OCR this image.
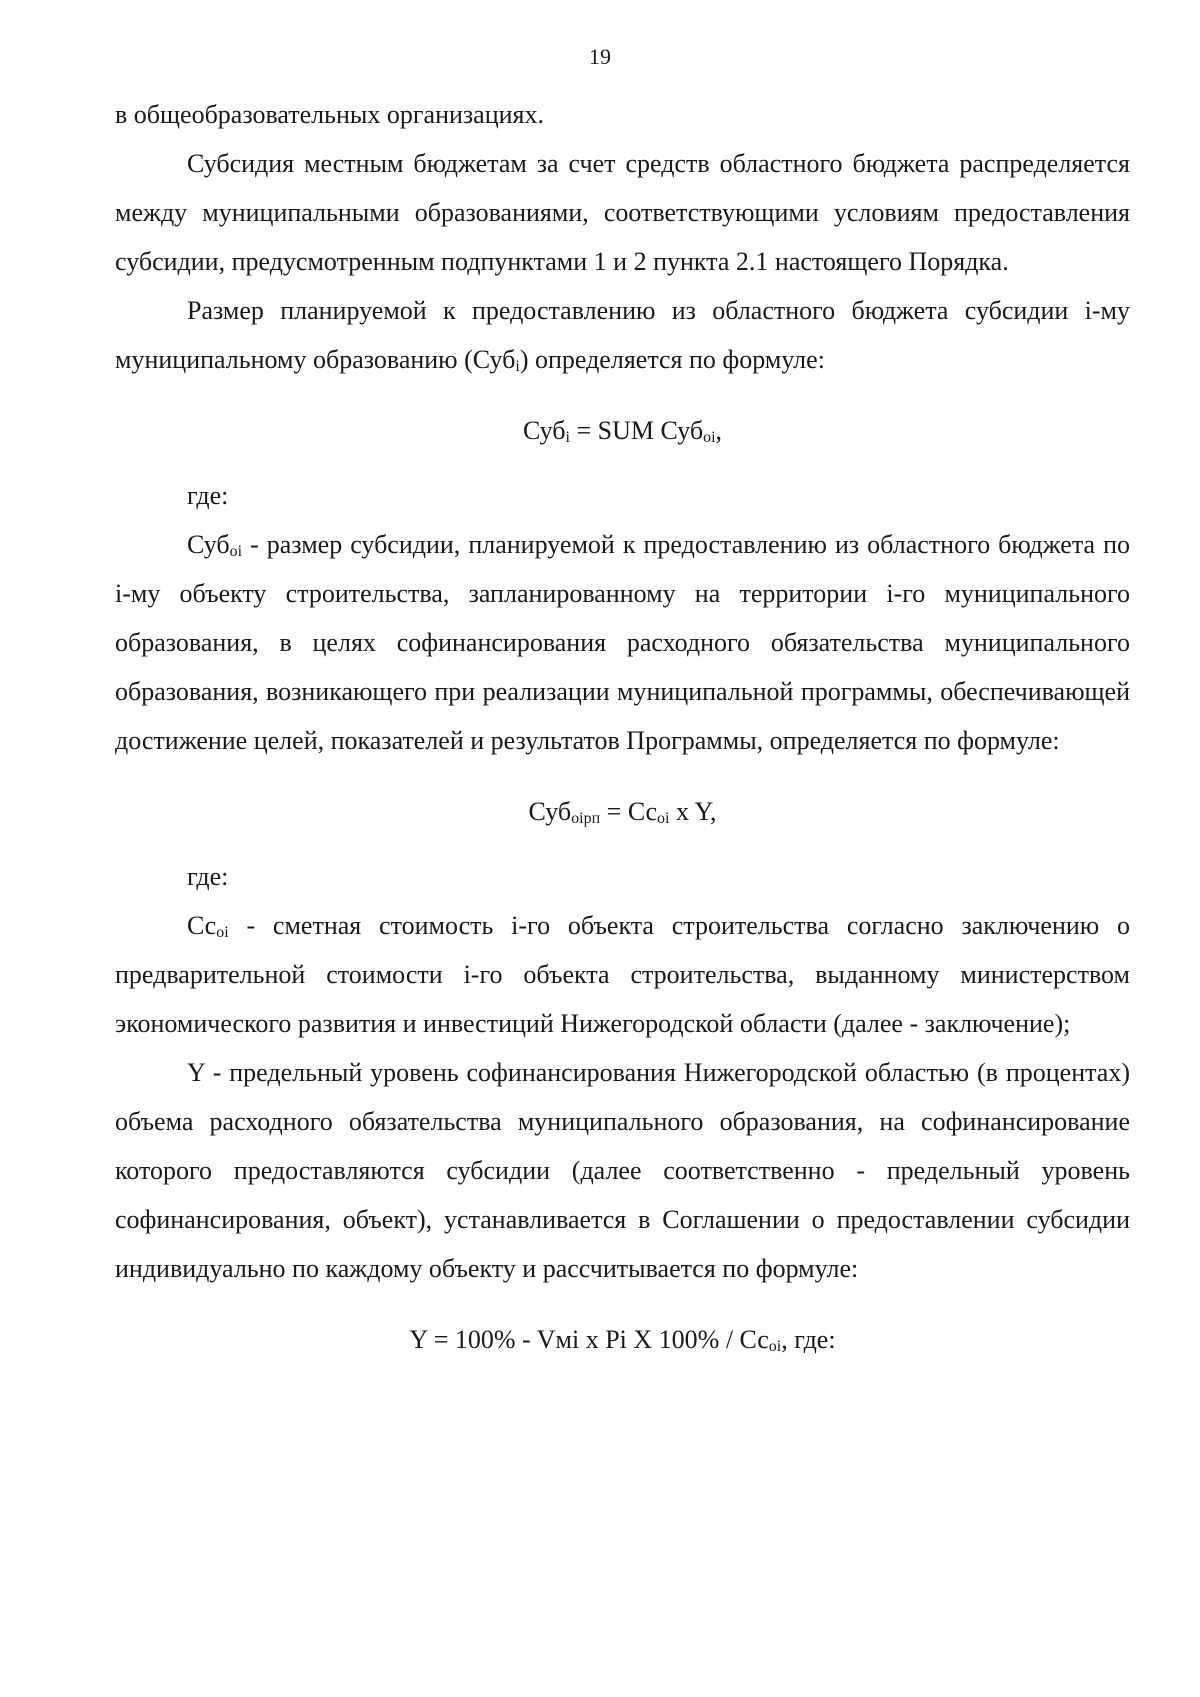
19

в общеобразовательных организациях.

Субсидия местным бюджетам за счет средств областного бюджета распределяется между муниципальными образованиями, соответствующими условиям предоставления субсидии, предусмотренным подпунктами 1 и 2 пункта 2.1 настоящего Порядка.

Размер планируемой к предоставлению из областного бюджета субсидии i-му муниципальному образованию (Суб$_i$) определяется по формуле:

Суб$_i$ = SUM Суб$_{oi}$,

где:

Суб$_{oi}$ - размер субсидии, планируемой к предоставлению из областного бюджета по i-му объекту строительства, запланированному на территории i-го муниципального образования, в целях софинансирования расходного обязательства муниципального образования, возникающего при реализации муниципальной программы, обеспечивающей достижение целей, показателей и результатов Программы, определяется по формуле:

$Суб_{oiрп} = Сс_{oi}$ x Y,

где:

$Сс_{oi}$ - сметная стоимость i-го объекта строительства согласно заключению о предварительной стоимости i-го объекта строительства, выданному министерством экономического развития и инвестиций Нижегородской области (далее - заключение);

Y - предельный уровень софинансирования Нижегородской областью (в процентах) объема расходного обязательства муниципального образования, на софинансирование которого предоставляются субсидии (далее соответственно - предельный уровень софинансирования, объект), устанавливается в Соглашении о предоставлении субсидии индивидуально по каждому объекту и рассчитывается по формуле:

Y = 100% - Vмi x Pi X $100\% / Сс_{oi}$, где:
